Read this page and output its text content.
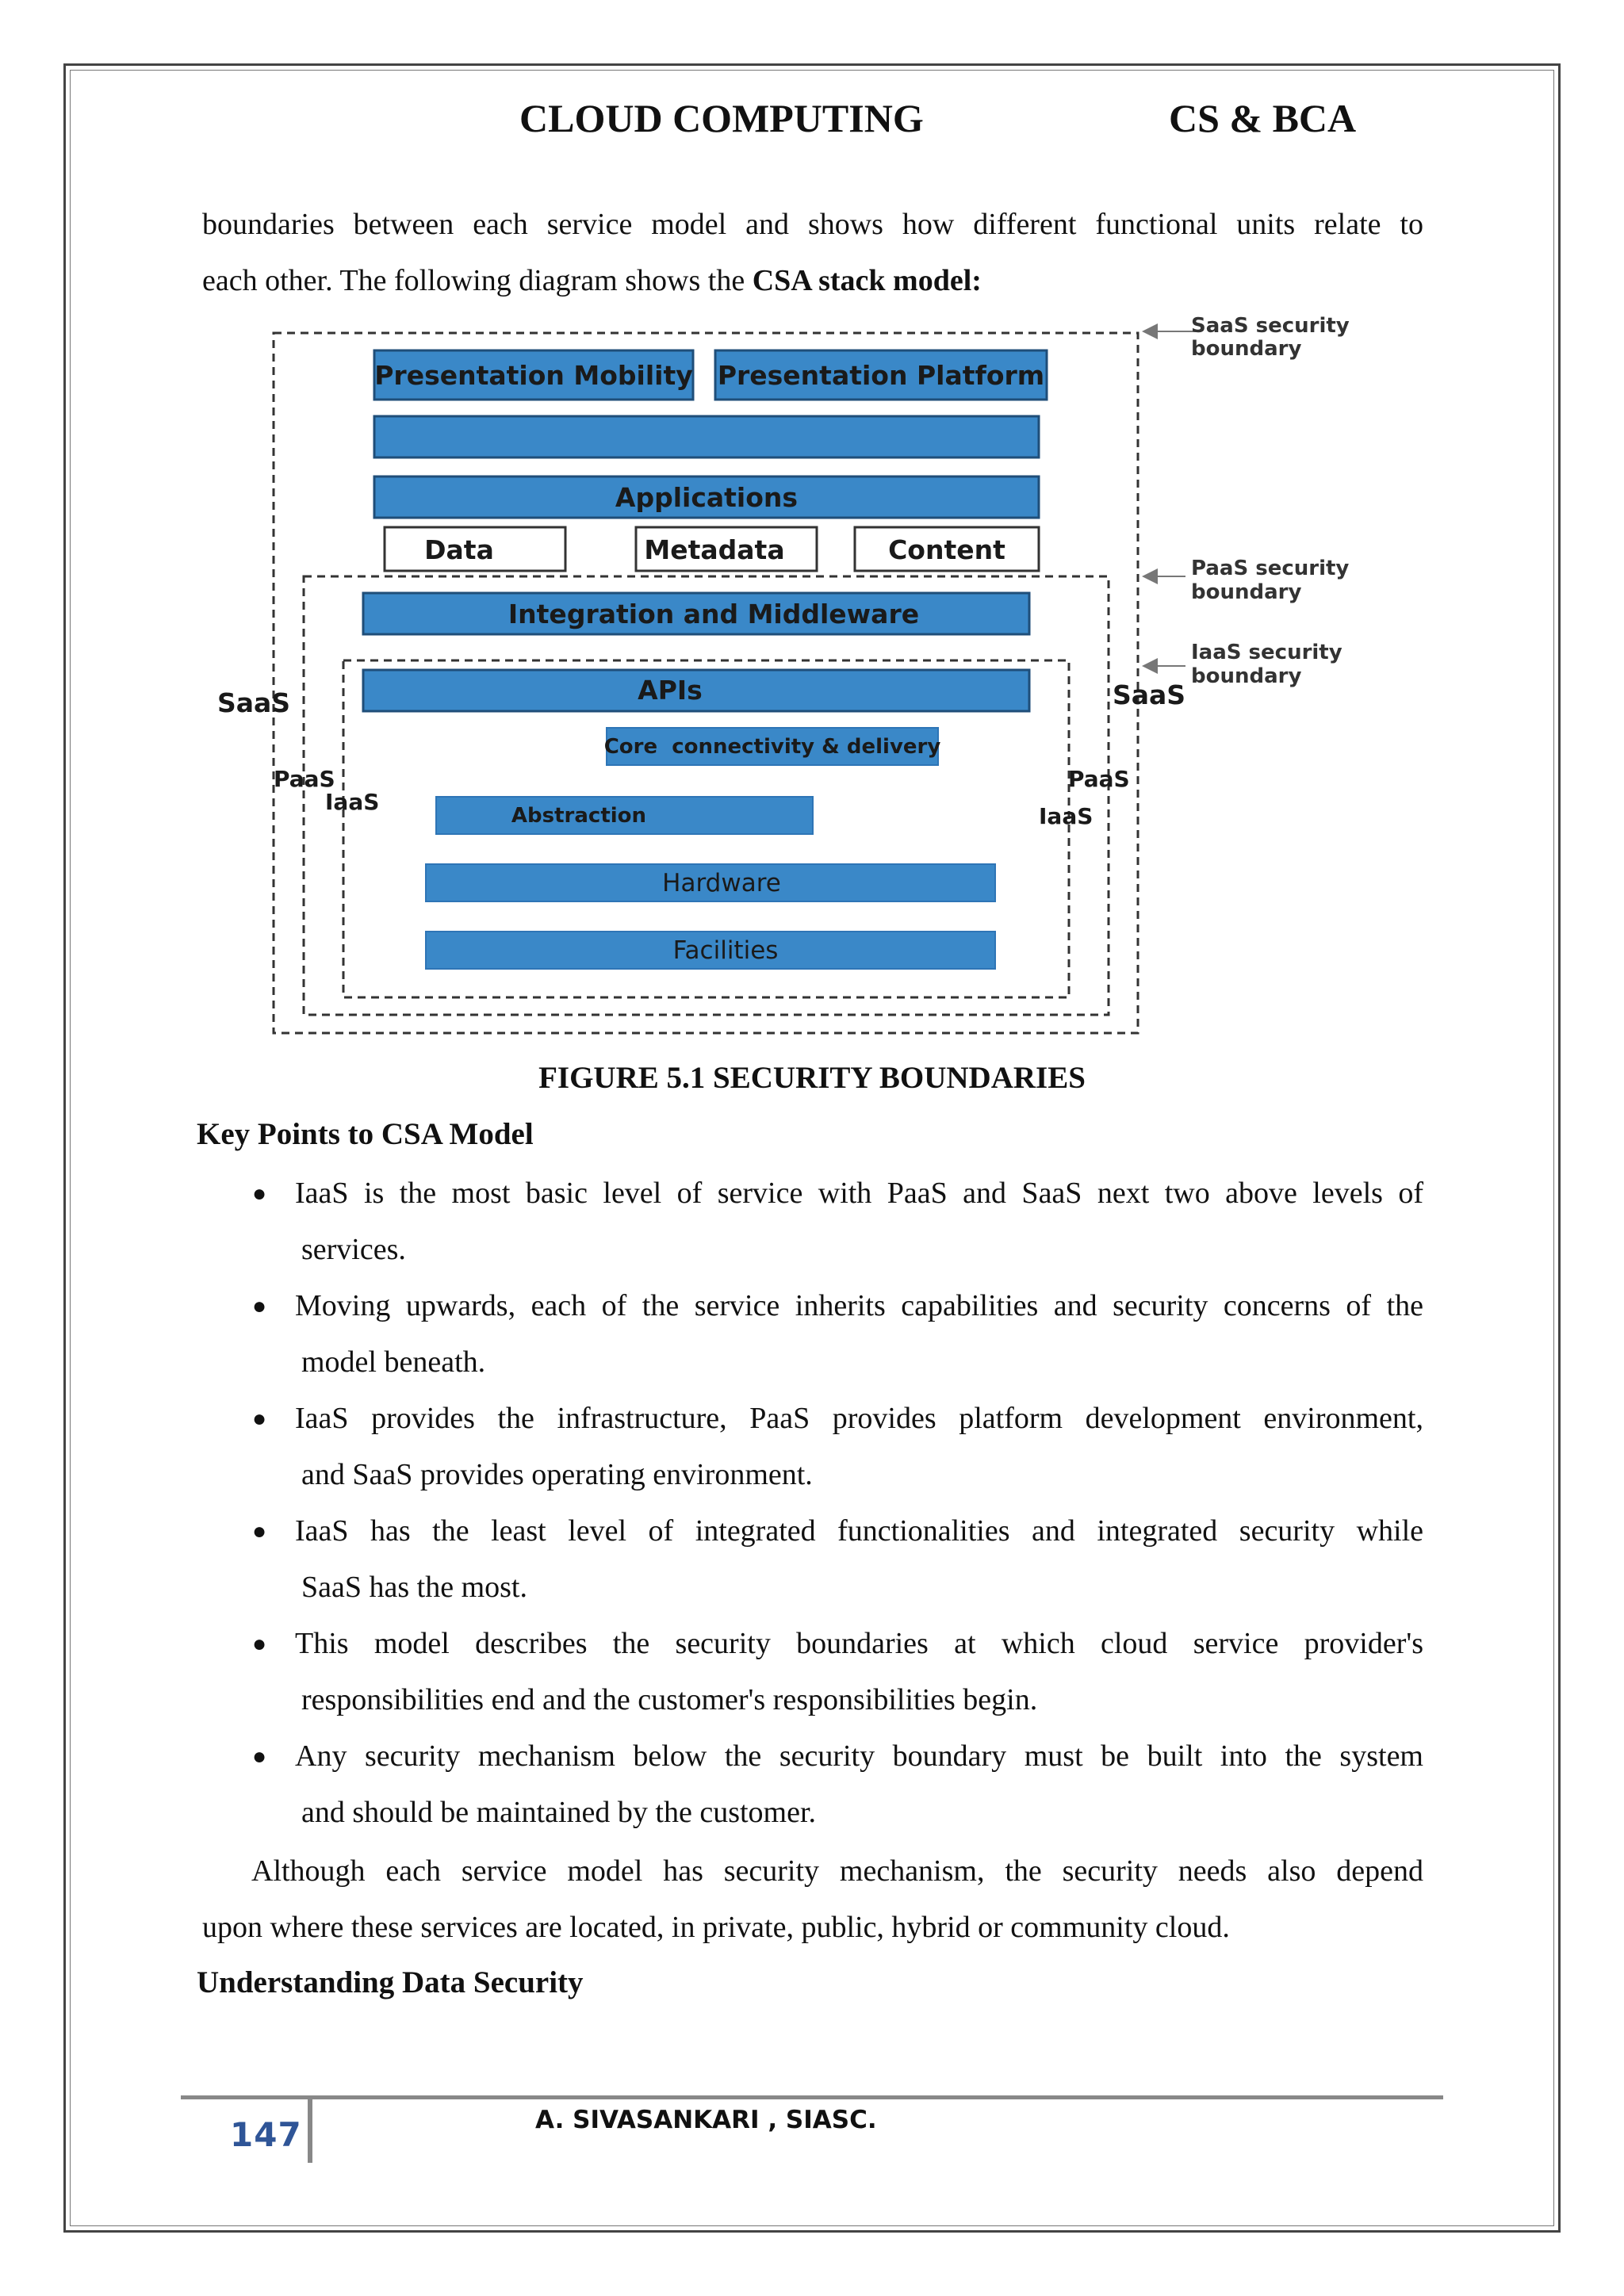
CLOUD COMPUTING	CS & BCA
boundaries between each service model and shows how different functional units relate to
each other. The following diagram shows the CSA stack model:
Presentation Mobility Presentation Platform
Applications
Data	Metadata	Content
Integration and Middleware
APIs
Core  connectivity & delivery
Abstraction
Hardware
Facilities
SaaS
PaaS
IaaS
SaaS
PaaS
IaaS
SaaS security
boundary
PaaS security
boundary
IaaS security
boundary
FIGURE 5.1 SECURITY BOUNDARIES
Key Points to CSA Model
● IaaS is the most basic level of service with PaaS and SaaS next two above levels of
services.
● Moving upwards, each of the service inherits capabilities and security concerns of the
model beneath.
● IaaS provides the infrastructure, PaaS provides platform development environment,
and SaaS provides operating environment.
● IaaS has the least level of integrated functionalities and integrated security while
SaaS has the most.
● This model describes the security boundaries at which cloud service provider's
responsibilities end and the customer's responsibilities begin.
● Any security mechanism below the security boundary must be built into the system
and should be maintained by the customer.
Although each service model has security mechanism, the security needs also depend
upon where these services are located, in private, public, hybrid or community cloud.
Understanding Data Security
147	A. SIVASANKARI , SIASC.
